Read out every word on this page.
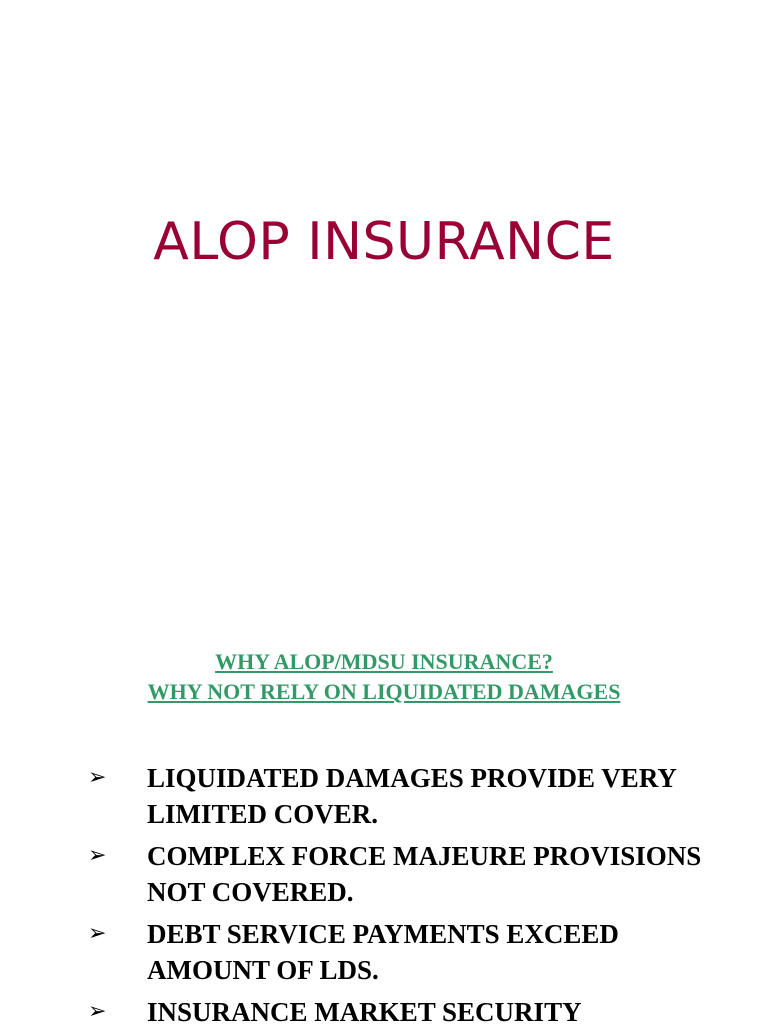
ALOP INSURANCE
WHY ALOP/MDSU INSURANCE?
WHY NOT RELY ON LIQUIDATED DAMAGES
➢ LIQUIDATED DAMAGES PROVIDE VERY LIMITED COVER.
➢ COMPLEX FORCE MAJEURE PROVISIONS NOT COVERED.
➢ DEBT SERVICE PAYMENTS EXCEED AMOUNT OF LDS.
➢ INSURANCE MARKET SECURITY
